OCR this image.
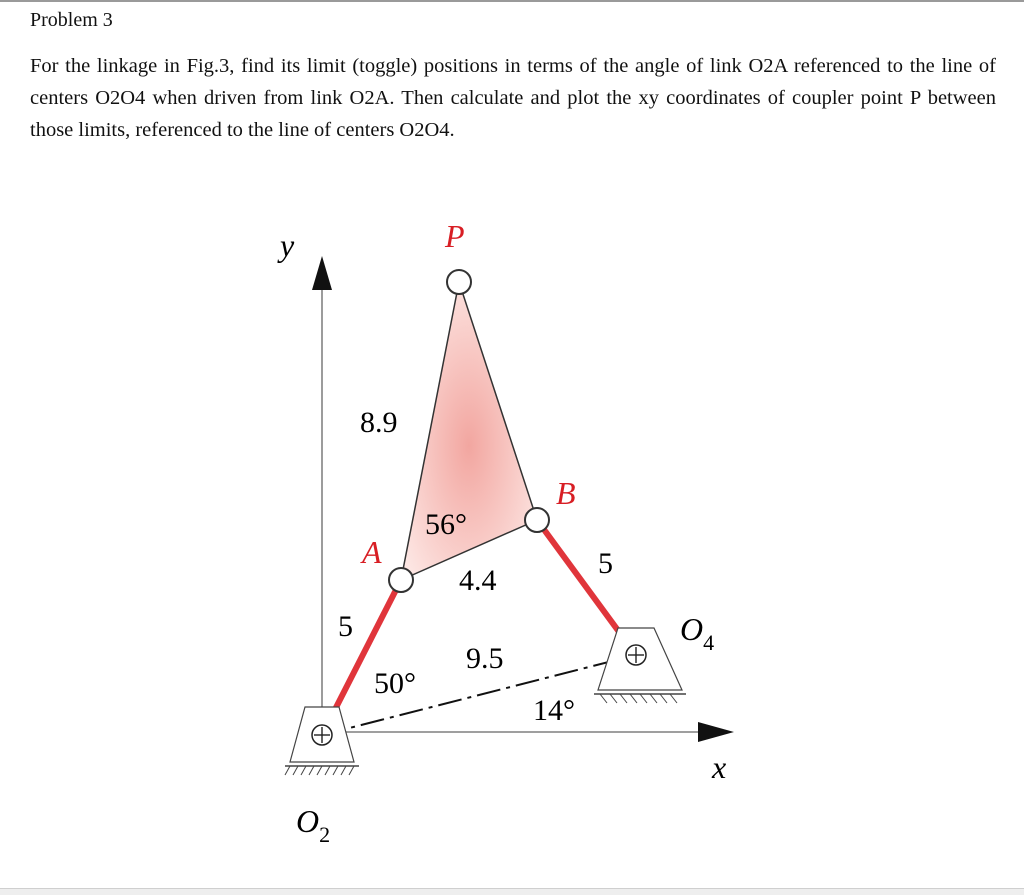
Problem 3
For the linkage in Fig.3, find its limit (toggle) positions in terms of the angle of link O2A referenced to the line of centers O2O4 when driven from link O2A. Then calculate and plot the xy coordinates of coupler point P between those limits, referenced to the line of centers O2O4.
y
x
$O_2$
$O_4$
P
A
B
8.9
56°
4.4
5
5
9.5
50°
14°
